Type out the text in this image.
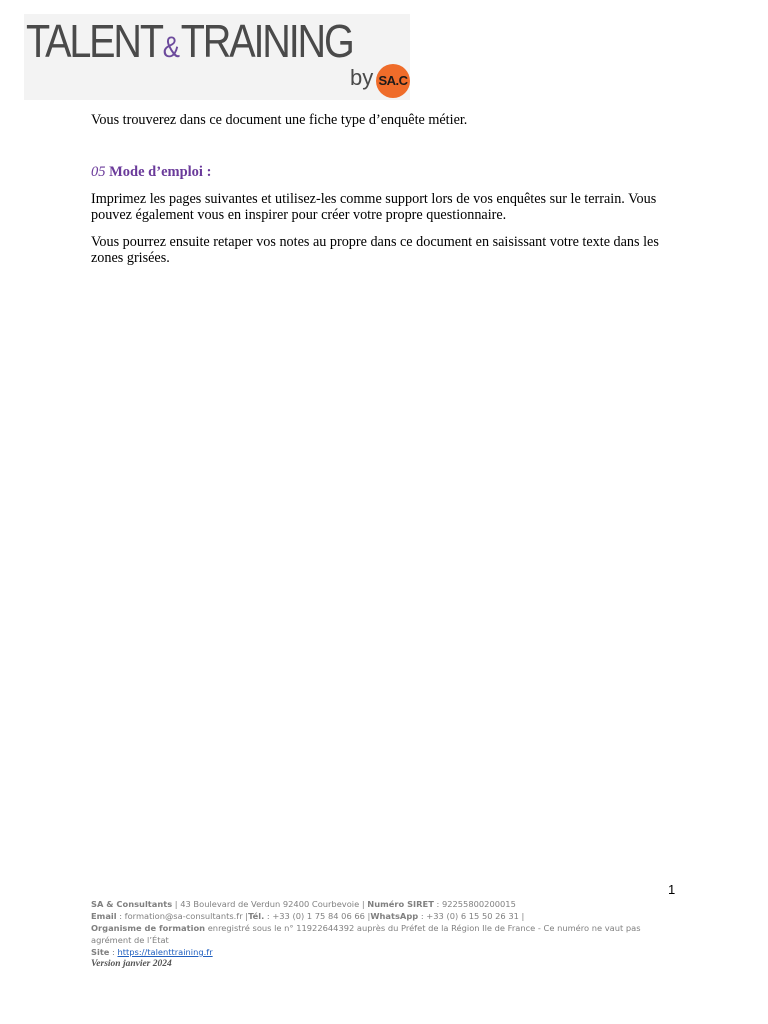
TALENT&TRAINING
by SA.C

Vous trouverez dans ce document une fiche type d’enquête métier.

05 Mode d’emploi :

Imprimez les pages suivantes et utilisez-les comme support lors de vos enquêtes sur le terrain. Vous pouvez également vous en inspirer pour créer votre propre questionnaire.

Vous pourrez ensuite retaper vos notes au propre dans ce document en saisissant votre texte dans les zones grisées.

1
SA & Consultants | 43 Boulevard de Verdun 92400 Courbevoie | Numéro SIRET : 92255800200015
Email : formation@sa-consultants.fr |Tél. : +33 (0) 1 75 84 06 66 |WhatsApp : +33 (0) 6 15 50 26 31 |
Organisme de formation enregistré sous le n° 11922644392 auprès du Préfet de la Région Ile de France - Ce numéro ne vaut pas agrément de l’État
Site : https://talenttraining.fr
Version janvier 2024
